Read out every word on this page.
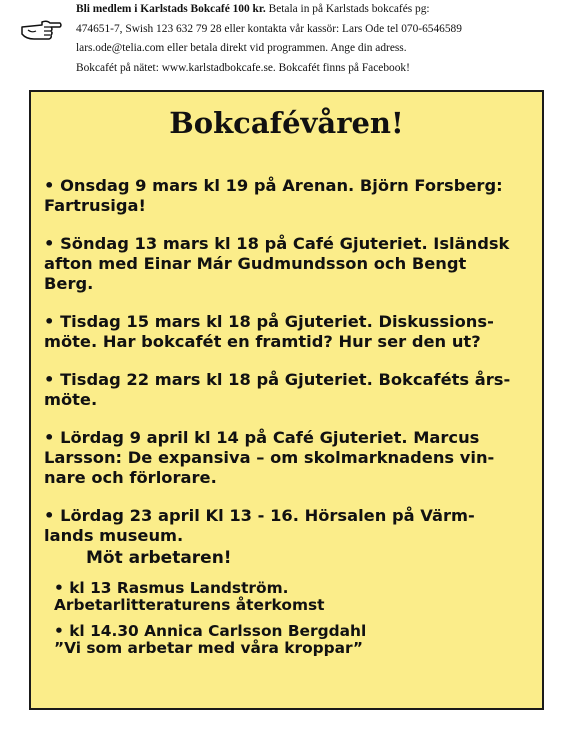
Bli medlem i Karlstads Bokcafé 100 kr. Betala in på Karlstads bokcafés pg:
474651-7, Swish 123 632 79 28 eller kontakta vår kassör: Lars Ode tel 070-6546589
lars.ode@telia.com eller betala direkt vid programmen. Ange din adress.
Bokcafét på nätet: www.karlstadbokcafe.se. Bokcafét finns på Facebook!
Bokcafévåren!
• Onsdag 9 mars kl 19 på Arenan. Björn Forsberg:
Fartrusiga!
• Söndag 13 mars kl 18 på Café Gjuteriet. Isländsk
afton med Einar Már Gudmundsson och Bengt
Berg.
• Tisdag 15 mars kl 18 på Gjuteriet. Diskussions-
möte. Har bokcafét en framtid? Hur ser den ut?
• Tisdag 22 mars kl 18 på Gjuteriet. Bokcaféts års-
möte.
• Lördag 9 april kl 14 på Café Gjuteriet. Marcus
Larsson: De expansiva – om skolmarknadens vin-
nare och förlorare.
• Lördag 23 april Kl 13 - 16. Hörsalen på Värm-
lands museum.
Möt arbetaren!
• kl 13 Rasmus Landström.
Arbetarlitteraturens återkomst
• kl 14.30 Annica Carlsson Bergdahl
”Vi som arbetar med våra kroppar”
